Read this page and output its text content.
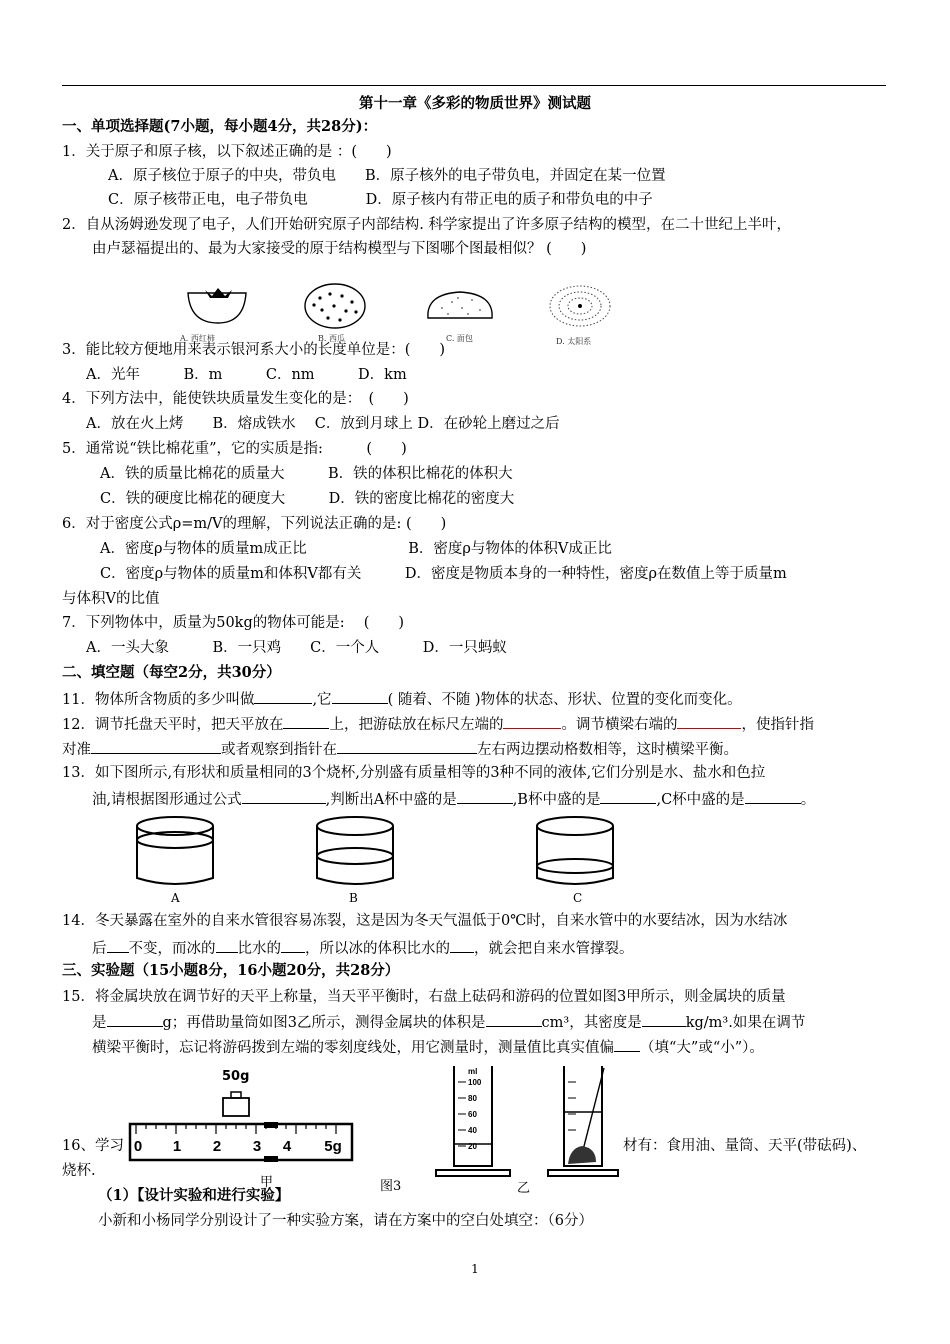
第十一章《多彩的物质世界》测试题
一、单项选择题(7小题，每小题4分，共28分)：
1．关于原子和原子核，以下叙述正确的是 ：(　　)
A．原子核位于原子的中央，带负电　　B．原子核外的电子带负电，并固定在某一位置
C．原子核带正电，电子带负电　　　　D．原子核内有带正电的质子和带负电的中子
2．自从汤姆逊发现了电子，人们开始研究原子内部结构. 科学家提出了许多原子结构的模型，在二十世纪上半叶，
由卢瑟福提出的、最为大家接受的原于结构模型与下图哪个图最相似？ (　　)
A. 西红柿	B. 西瓜	C. 面包	D. 太阳系
3．能比较方便地用来表示银河系大小的长度单位是：(　　)
A．光年　　　B．m　　　C．nm　　　D．km
4．下列方法中，能使铁块质量发生变化的是：　(　　)
A．放在火上烤　　B．熔成铁水　 C．放到月球上 D．在砂轮上磨过之后
5．通常说“铁比棉花重”，它的实质是指:　　　(　　)
A．铁的质量比棉花的质量大　　　B．铁的体积比棉花的体积大
C．铁的硬度比棉花的硬度大　　　D．铁的密度比棉花的密度大
6．对于密度公式ρ=m/V的理解，下列说法正确的是: (　　)
A．密度ρ与物体的质量m成正比　　　　　　　B．密度ρ与物体的体积V成正比
C．密度ρ与物体的质量m和体积V都有关　　　D．密度是物质本身的一种特性，密度ρ在数值上等于质量m
与体积V的比值
7．下列物体中，质量为50kg的物体可能是: 　(　　)
A．一头大象　　　B．一只鸡　　C．一个人　　　D．一只蚂蚁
二、填空题（每空2分，共30分）
11．物体所含物质的多少叫做	,它	( 随着、不随 )物体的状态、形状、位置的变化而变化。
12．调节托盘天平时，把天平放在	上，把游砝放在标尺左端的	。调节横梁右端的	，使指针指
对准	或者观察到指针在	左右两边摆动格数相等，这时横梁平衡。
13．如下图所示,有形状和质量相同的3个烧杯,分别盛有质量相等的3种不同的液体,它们分别是水、盐水和色拉
油,请根据图形通过公式	,判断出A杯中盛的是	,B杯中盛的是	,C杯中盛的是	。
A	B	C
14．冬天暴露在室外的自来水管很容易冻裂，这是因为冬天气温低于0℃时，自来水管中的水要结冰，因为水结冰
后 不变，而冰的 比水的 ，所以冰的体积比水的 ，就会把自来水管撑裂。
三、实验题（15小题8分，16小题20分，共28分）
15．将金属块放在调节好的天平上称量，当天平平衡时，右盘上砝码和游码的位置如图3甲所示，则金属块的质量
是	g；再借助量筒如图3乙所示，测得金属块的体积是	cm³，其密度是	kg/m³.如果在调节
横梁平衡时，忘记将游码拨到左端的零刻度线处，用它测量时，测量值比真实值偏 （填“大”或“小”）。
50g
0 1 2 3 4 5g
ml
100
80
60
40
20
16、学习	材有：食用油、量筒、天平(带砝码)、
烧杯.
图3
甲	乙
（1）【设计实验和进行实验】
小新和小杨同学分别设计了一种实验方案，请在方案中的空白处填空：（6分）
1
